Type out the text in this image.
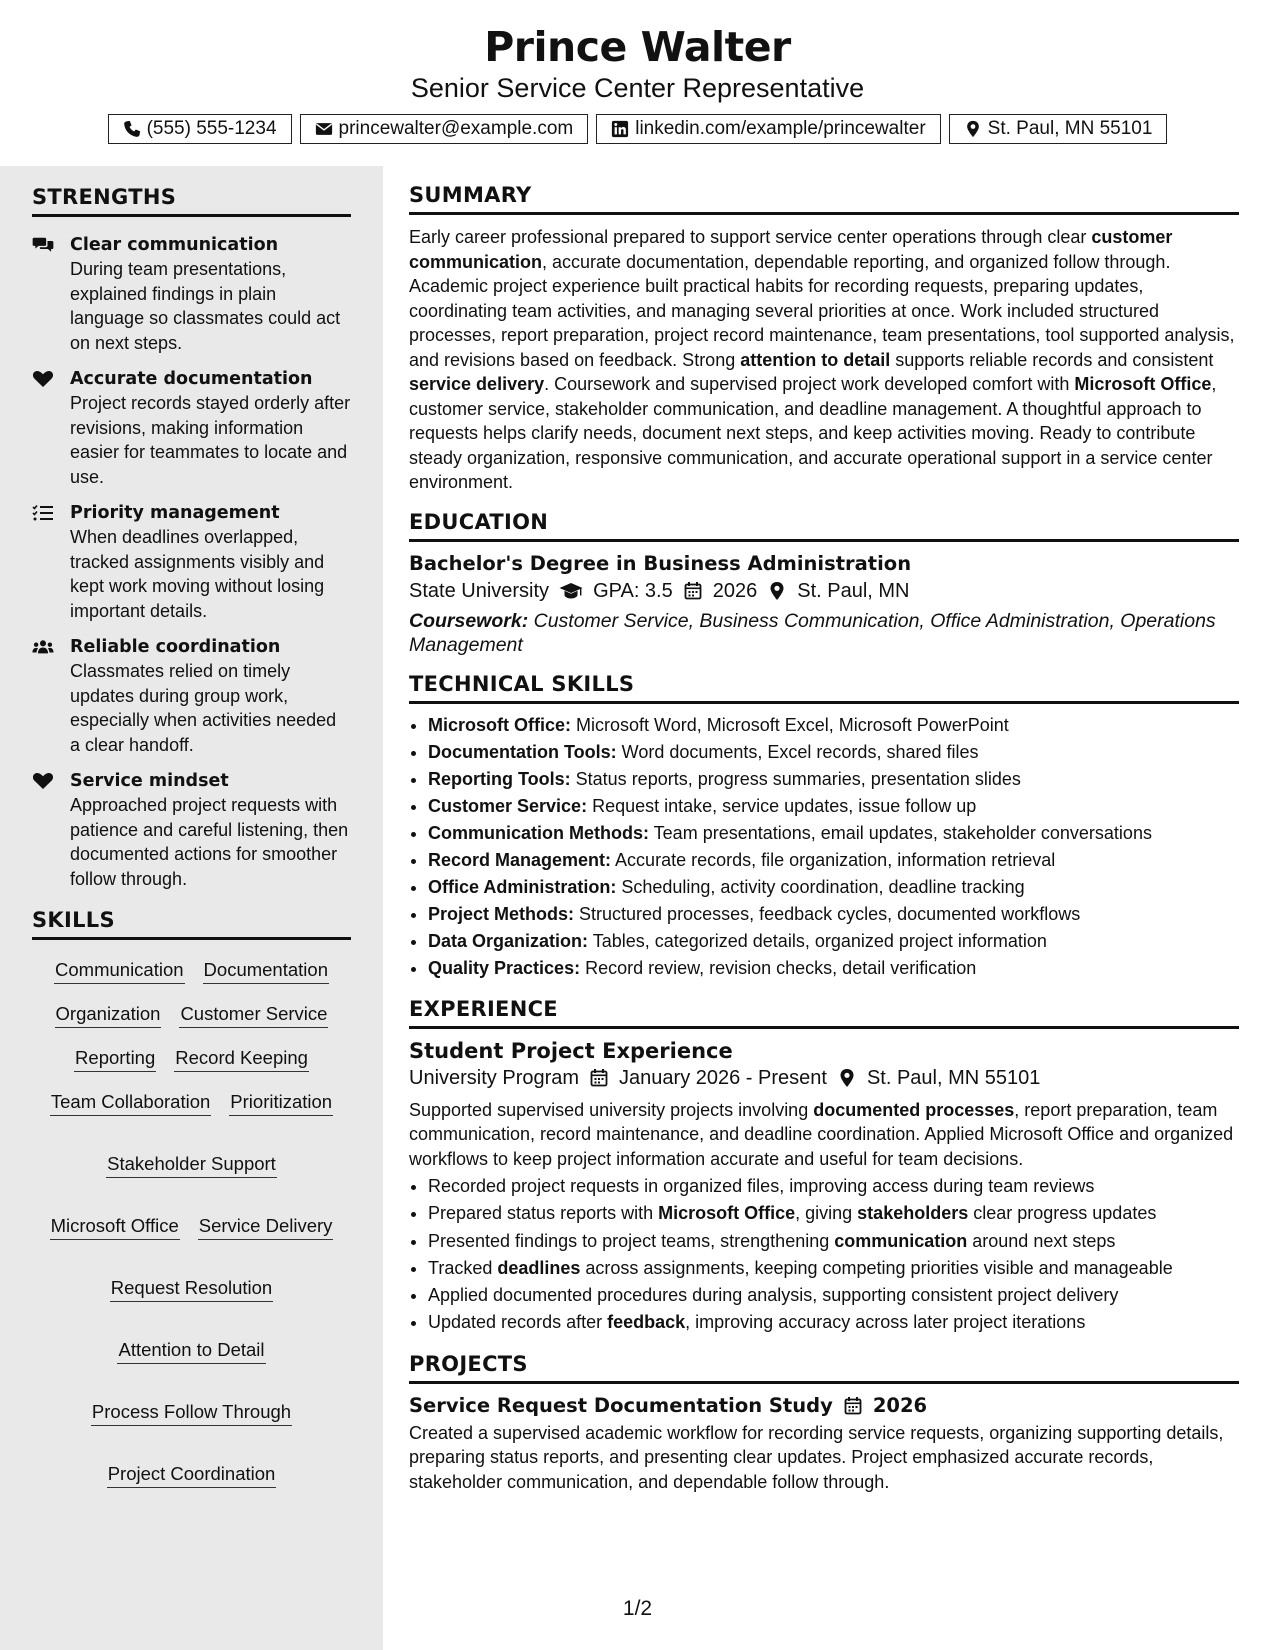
Prince Walter
Senior Service Center Representative
(555) 555-1234	princewalter@example.com	linkedin.com/example/princewalter	St. Paul, MN 55101
STRENGTHS
Clear communication
During team presentations, explained findings in plain language so classmates could act on next steps.
Accurate documentation
Project records stayed orderly after revisions, making information easier for teammates to locate and use.
Priority management
When deadlines overlapped, tracked assignments visibly and kept work moving without losing important details.
Reliable coordination
Classmates relied on timely updates during group work, especially when activities needed a clear handoff.
Service mindset
Approached project requests with patience and careful listening, then documented actions for smoother follow through.
SKILLS
Communication Documentation
Organization Customer Service
Reporting Record Keeping
Team Collaboration Prioritization
Stakeholder Support
Microsoft Office Service Delivery
Request Resolution
Attention to Detail
Process Follow Through
Project Coordination
SUMMARY
Early career professional prepared to support service center operations through clear customer communication, accurate documentation, dependable reporting, and organized follow through. Academic project experience built practical habits for recording requests, preparing updates, coordinating team activities, and managing several priorities at once. Work included structured processes, report preparation, project record maintenance, team presentations, tool supported analysis, and revisions based on feedback. Strong attention to detail supports reliable records and consistent service delivery. Coursework and supervised project work developed comfort with Microsoft Office, customer service, stakeholder communication, and deadline management. A thoughtful approach to requests helps clarify needs, document next steps, and keep activities moving. Ready to contribute steady organization, responsive communication, and accurate operational support in a service center environment.
EDUCATION
Bachelor's Degree in Business Administration
State University GPA: 3.5 2026 St. Paul, MN
Coursework: Customer Service, Business Communication, Office Administration, Operations Management
TECHNICAL SKILLS
• Microsoft Office: Microsoft Word, Microsoft Excel, Microsoft PowerPoint
• Documentation Tools: Word documents, Excel records, shared files
• Reporting Tools: Status reports, progress summaries, presentation slides
• Customer Service: Request intake, service updates, issue follow up
• Communication Methods: Team presentations, email updates, stakeholder conversations
• Record Management: Accurate records, file organization, information retrieval
• Office Administration: Scheduling, activity coordination, deadline tracking
• Project Methods: Structured processes, feedback cycles, documented workflows
• Data Organization: Tables, categorized details, organized project information
• Quality Practices: Record review, revision checks, detail verification
EXPERIENCE
Student Project Experience
University Program January 2026 - Present St. Paul, MN 55101
Supported supervised university projects involving documented processes, report preparation, team communication, record maintenance, and deadline coordination. Applied Microsoft Office and organized workflows to keep project information accurate and useful for team decisions.
• Recorded project requests in organized files, improving access during team reviews
• Prepared status reports with Microsoft Office, giving stakeholders clear progress updates
• Presented findings to project teams, strengthening communication around next steps
• Tracked deadlines across assignments, keeping competing priorities visible and manageable
• Applied documented procedures during analysis, supporting consistent project delivery
• Updated records after feedback, improving accuracy across later project iterations
PROJECTS
Service Request Documentation Study 2026
Created a supervised academic workflow for recording service requests, organizing supporting details, preparing status reports, and presenting clear updates. Project emphasized accurate records, stakeholder communication, and dependable follow through.
1/2
